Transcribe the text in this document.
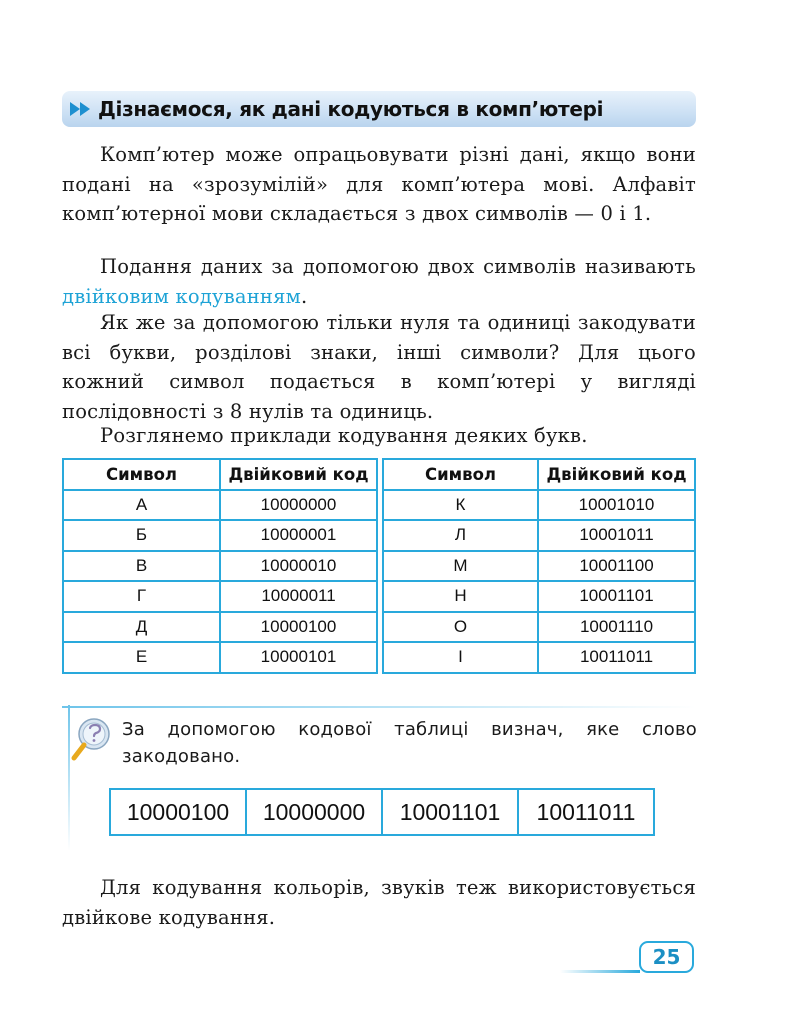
Дізнаємося, як дані кодуються в комп’ютері
Комп’ютер може опрацьовувати різні дані, якщо вони подані на «зрозумілій» для комп’ютера мові. Алфавіт комп’ютерної мови складається з двох символів — 0 і 1.
Подання даних за допомогою двох символів називають двійковим кодуванням.
Як же за допомогою тільки нуля та одиниці закодувати всі букви, розділові знаки, інші символи? Для цього кожний символ подається в комп’ютері у вигляді послідовності з 8 нулів та одиниць.
Розглянемо приклади кодування деяких букв.
Символ	Двійковий код		Символ	Двійковий код
А	10000000		К	10001010
Б	10000001		Л	10001011
В	10000010		М	10001100
Г	10000011		Н	10001101
Д	10000100		О	10001110
Е	10000101		І	10011011
За допомогою кодової таблиці визнач, яке слово закодовано.
10000100	10000000	10001101	10011011
Для кодування кольорів, звуків теж використовується двійкове кодування.
25
